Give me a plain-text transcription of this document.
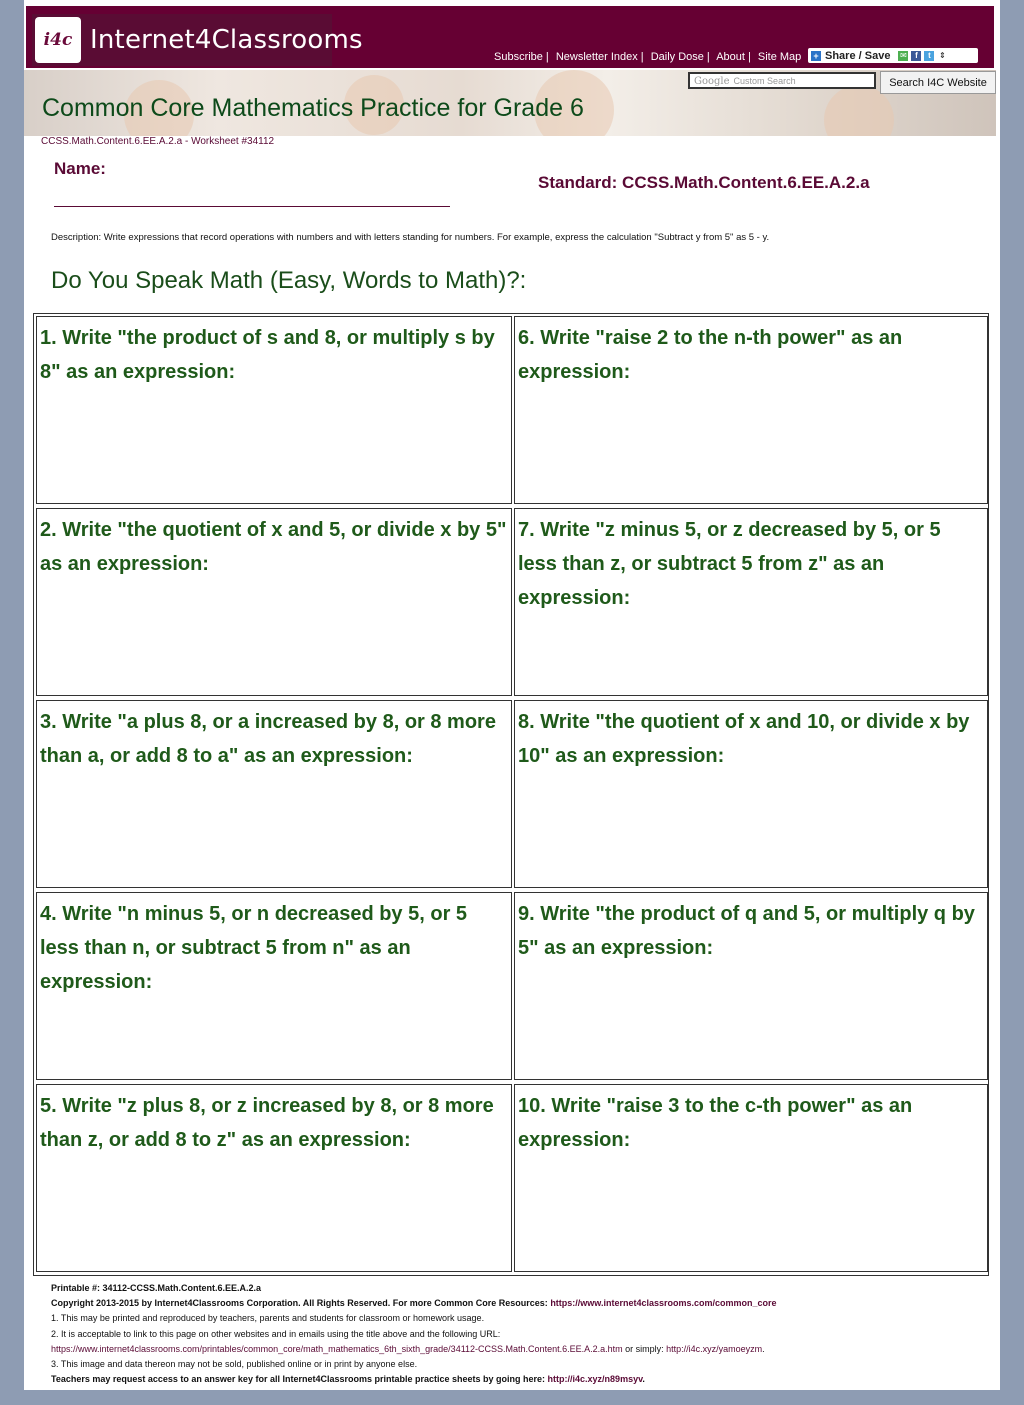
i4c Internet4Classrooms
Subscribe | Newsletter Index | Daily Dose | About | Site Map + Share / Save ✉	f	t	⇕
Common Core Mathematics Practice for Grade 6
Google Custom Search	Search I4C Website
CCSS.Math.Content.6.EE.A.2.a - Worksheet #34112
Name:
Standard: CCSS.Math.Content.6.EE.A.2.a
Description: Write expressions that record operations with numbers and with letters standing for numbers. For example, express the calculation "Subtract y from 5" as 5 - y.
Do You Speak Math (Easy, Words to Math)?:
1. Write "the product of s and 8, or multiply s by 8" as an expression:
6. Write "raise 2 to the n-th power" as an expression:
2. Write "the quotient of x and 5, or divide x by 5" as an expression:
7. Write "z minus 5, or z decreased by 5, or 5 less than z, or subtract 5 from z" as an expression:
3. Write "a plus 8, or a increased by 8, or 8 more than a, or add 8 to a" as an expression:
8. Write "the quotient of x and 10, or divide x by 10" as an expression:
4. Write "n minus 5, or n decreased by 5, or 5 less than n, or subtract 5 from n" as an expression:
9. Write "the product of q and 5, or multiply q by 5" as an expression:
5. Write "z plus 8, or z increased by 8, or 8 more than z, or add 8 to z" as an expression:
10. Write "raise 3 to the c-th power" as an expression:
Printable #: 34112-CCSS.Math.Content.6.EE.A.2.a
Copyright 2013-2015 by Internet4Classrooms Corporation. All Rights Reserved. For more Common Core Resources: https://www.internet4classrooms.com/common_core
1. This may be printed and reproduced by teachers, parents and students for classroom or homework usage.
2. It is acceptable to link to this page on other websites and in emails using the title above and the following URL:
https://www.internet4classrooms.com/printables/common_core/math_mathematics_6th_sixth_grade/34112-CCSS.Math.Content.6.EE.A.2.a.htm or simply: http://i4c.xyz/yamoeyzm.
3. This image and data thereon may not be sold, published online or in print by anyone else.
Teachers may request access to an answer key for all Internet4Classrooms printable practice sheets by going here: http://i4c.xyz/n89msyv.
